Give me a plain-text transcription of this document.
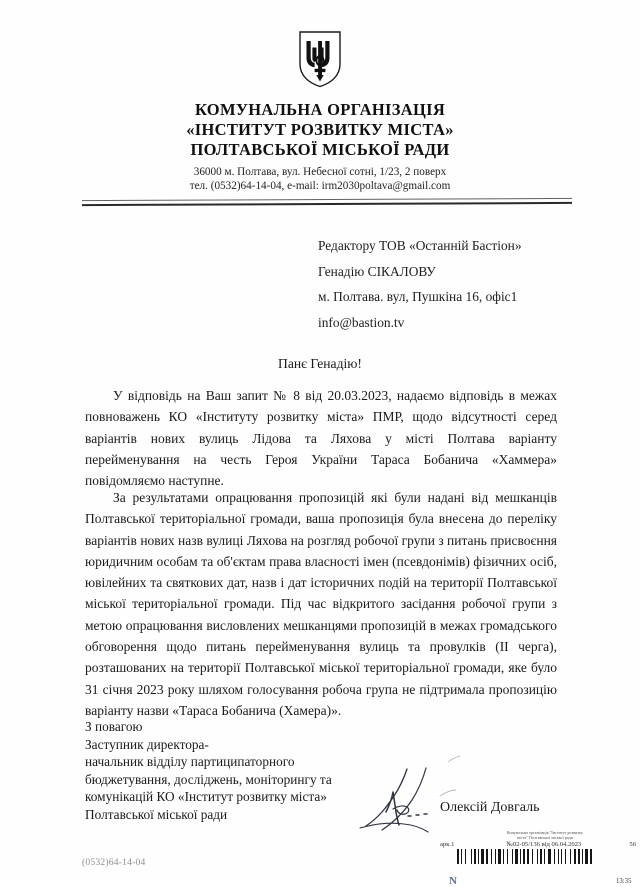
КОМУНАЛЬНА ОРГАНІЗАЦІЯ
«ІНСТИТУТ РОЗВИТКУ МІСТА»
ПОЛТАВСЬКОЇ МІСЬКОЇ РАДИ
36000 м. Полтава, вул. Небесної сотні, 1/23, 2 поверх
тел. (0532)64-14-04, e-mail: irm2030poltava@gmail.com
Редактору ТОВ «Останній Бастіон»
Генадію СІКАЛОВУ
м. Полтава. вул, Пушкіна 16, офіс1
info@bastion.tv
Панє Генадію!

У відповідь на Ваш запит № 8 від 20.03.2023, надаємо відповідь в межах повноважень КО «Інституту розвитку міста» ПМР, щодо відсутності серед варіантів нових вулиць Лідова та Ляхова у місті Полтава варіанту перейменування на честь Героя України Тараса Бобанича «Хаммера» повідомляємо наступне.

За результатами опрацювання пропозицій які були надані від мешканців Полтавської територіальної громади, ваша пропозиція була внесена до переліку варіантів нових назв вулиці Ляхова на розгляд робочої групи з питань присвоєння юридичним особам та об'єктам права власності імен (псевдонімів) фізичних осіб, ювілейних та святкових дат, назв і дат історичних подій на території Полтавської міської територіальної громади. Під час відкритого засідання робочої групи з метою опрацювання висловлених мешканцями пропозицій в межах громадського обговорення щодо питань перейменування вулиць та провулків (II черга), розташованих на території Полтавської міської територіальної громади, яке було 31 січня 2023 року шляхом голосування робоча група не підтримала пропозицію варіанту назви «Тараса Бобанича (Хамера)».

З повагою
Заступник директора-
начальник відділу партиципаторного
бюджетування, досліджень, моніторингу та
комунікацій КО «Інститут розвитку міста»
Полтавської міської ради	Олексій Довгаль
(0532)64-14-04
Комунальна організація "Інститут розвитку
міста" Полтавської міської ради
арк.1	№02-05/136 від 06.04.2023	56
N	13:35
